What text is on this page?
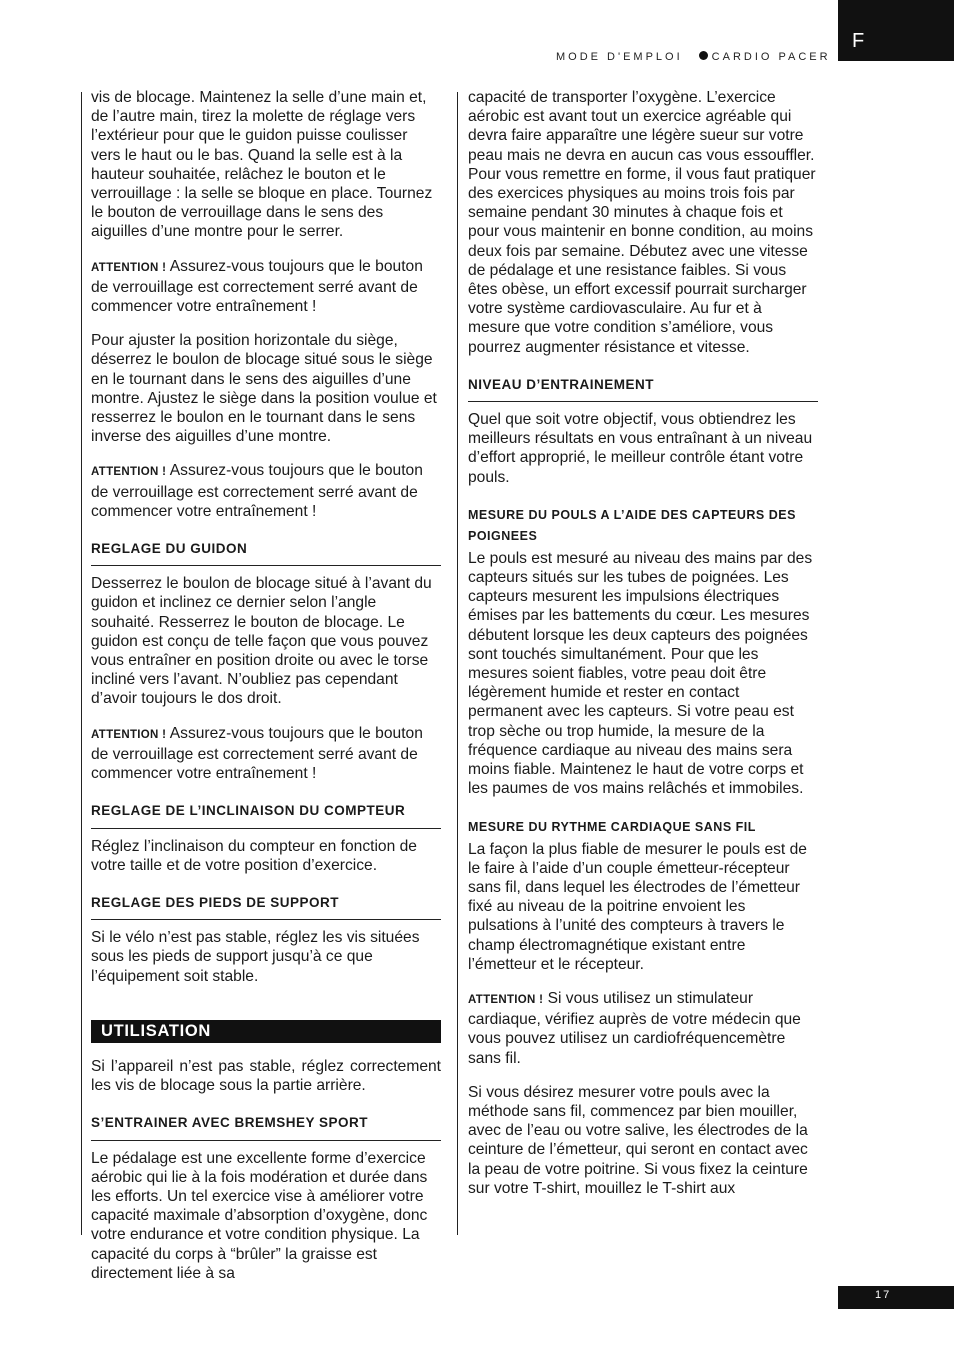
F
MODE D'EMPLOI	CARDIO PACER

vis de blocage. Maintenez la selle d’une main et, de l’autre main, tirez la molette de réglage vers l’extérieur pour que le guidon puisse coulisser vers le haut ou le bas. Quand la selle est à la hauteur souhaitée, relâchez le bouton et le verrouillage : la selle se bloque en place. Tournez le bouton de verrouillage dans le sens des aiguilles d’une montre pour le serrer.

ATTENTION ! Assurez-vous toujours que le bouton de verrouillage est correctement serré avant de commencer votre entraînement !

Pour ajuster la position horizontale du siège, déserrez le boulon de blocage situé sous le siège en le tournant dans le sens des aiguilles d’une montre. Ajustez le siège dans la position voulue et resserrez le boulon en le tournant dans le sens inverse des aiguilles d’une montre.

ATTENTION ! Assurez-vous toujours que le bouton de verrouillage est correctement serré avant de commencer votre entraînement !

REGLAGE DU GUIDON

Desserrez le boulon de blocage situé à l’avant du guidon et inclinez ce dernier selon l’angle souhaité. Resserrez le bouton de blocage. Le guidon est conçu de telle façon que vous pouvez vous entraîner en position droite ou avec le torse incliné vers l’avant. N’oubliez pas cependant d’avoir toujours le dos droit.

ATTENTION ! Assurez-vous toujours que le bouton de verrouillage est correctement serré avant de commencer votre entraînement !

REGLAGE DE L’INCLINAISON DU COMPTEUR

Réglez l’inclinaison du compteur en fonction de votre taille et de votre position d’exercice.

REGLAGE DES PIEDS DE SUPPORT

Si le vélo n’est pas stable, réglez les vis situées sous les pieds de support jusqu’à ce que l’équipement soit stable.

UTILISATION

Si l’appareil n’est pas stable, réglez correctement les vis de blocage sous la partie arrière.

S’ENTRAINER AVEC BREMSHEY SPORT

Le pédalage est une excellente forme d’exercice aérobic qui lie à la fois modération et durée dans les efforts. Un tel exercice vise à améliorer votre capacité maximale d’absorption d’oxygène, donc votre endurance et votre condition physique. La capacité du corps à “brûler” la graisse est directement liée à sa

capacité de transporter l’oxygène. L’exercice aérobic est avant tout un exercice agréable qui devra faire apparaître une légère sueur sur votre peau mais ne devra en aucun cas vous essouffler. Pour vous remettre en forme, il vous faut pratiquer des exercices physiques au moins trois fois par semaine pendant 30 minutes à chaque fois et pour vous maintenir en bonne condition, au moins deux fois par semaine. Débutez avec une vitesse de pédalage et une resistance faibles. Si vous êtes obèse, un effort excessif pourrait surcharger votre système cardiovasculaire. Au fur et à mesure que votre condition s’améliore, vous pourrez augmenter résistance et vitesse.

NIVEAU D’ENTRAINEMENT

Quel que soit votre objectif, vous obtiendrez les meilleurs résultats en vous entraînant à un niveau d’effort approprié, le meilleur contrôle étant votre pouls.

MESURE DU POULS A L’AIDE DES CAPTEURS DES POIGNEES

Le pouls est mesuré au niveau des mains par des capteurs situés sur les tubes de poignées. Les capteurs mesurent les impulsions électriques émises par les battements du cœur. Les mesures débutent lorsque les deux capteurs des poignées sont touchés simultanément. Pour que les mesures soient fiables, votre peau doit être légèrement humide et rester en contact permanent avec les capteurs. Si votre peau est trop sèche ou trop humide, la mesure de la fréquence cardiaque au niveau des mains sera moins fiable. Maintenez le haut de votre corps et les paumes de vos mains relâchés et immobiles.

MESURE DU RYTHME CARDIAQUE SANS FIL

La façon la plus fiable de mesurer le pouls est de le faire à l’aide d’un couple émetteur-récepteur sans fil, dans lequel les électrodes de l’émetteur fixé au niveau de la poitrine envoient les pulsations à l’unité des compteurs à travers le champ électromagnétique existant entre l’émetteur et le récepteur.

ATTENTION ! Si vous utilisez un stimulateur cardiaque, vérifiez auprès de votre médecin que vous pouvez utilisez un cardiofréquencemètre sans fil.

Si vous désirez mesurer votre pouls avec la méthode sans fil, commencez par bien mouiller, avec de l’eau ou votre salive, les électrodes de la ceinture de l’émetteur, qui seront en contact avec la peau de votre poitrine. Si vous fixez la ceinture sur votre T-shirt, mouillez le T-shirt aux

17
